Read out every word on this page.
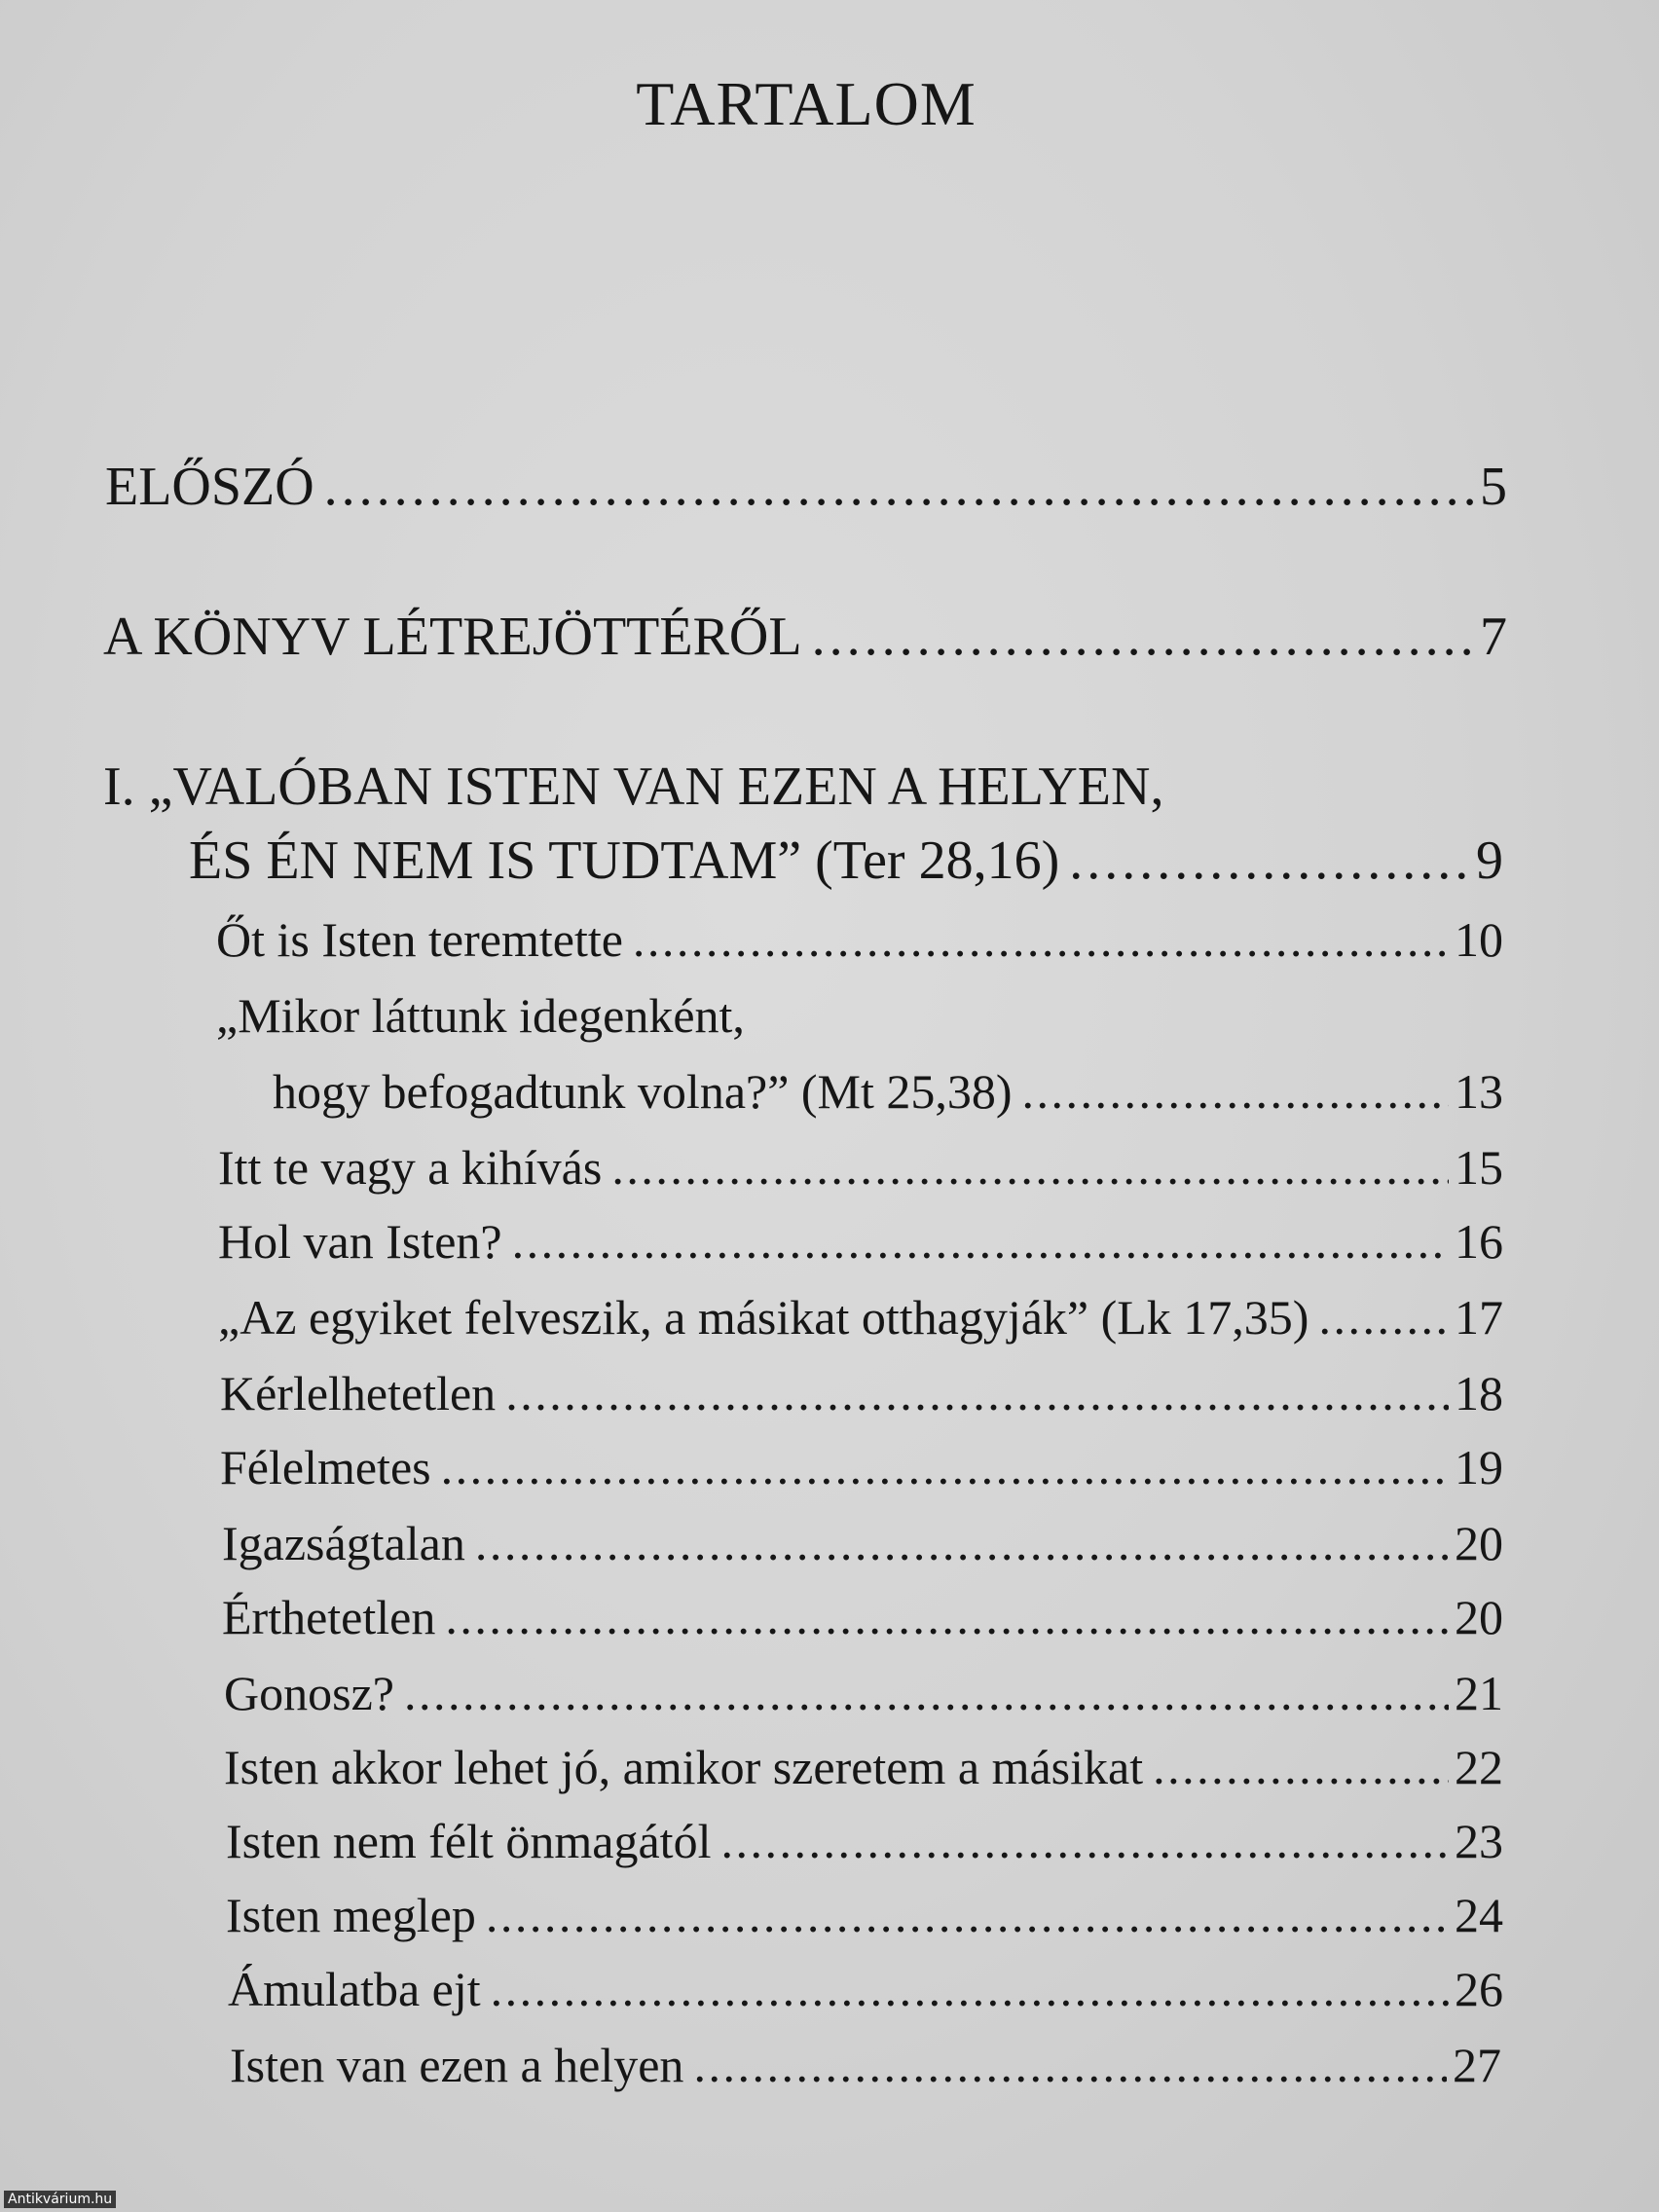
TARTALOM
ELŐSZÓ . . .	5
A KÖNYV LÉTREJÖTTÉRŐL . . .	7
I. „VALÓBAN ISTEN VAN EZEN A HELYEN,
ÉS ÉN NEM IS TUDTAM” (Ter 28,16) . . .	9
Őt is Isten teremtette . . .	10
„Mikor láttunk idegenként,
hogy befogadtunk volna?” (Mt 25,38) . . .	13
Itt te vagy a kihívás . . .	15
Hol van Isten? . . .	16
„Az egyiket felveszik, a másikat otthagyják” (Lk 17,35) . . .	17
Kérlelhetetlen . . .	18
Félelmetes . . .	19
Igazságtalan . . .	20
Érthetetlen . . .	20
Gonosz? . . .	21
Isten akkor lehet jó, amikor szeretem a másikat . . .	22
Isten nem félt önmagától . . .	23
Isten meglep . . .	24
Ámulatba ejt . . .	26
Isten van ezen a helyen . . .	27
Antikvárium.hu
